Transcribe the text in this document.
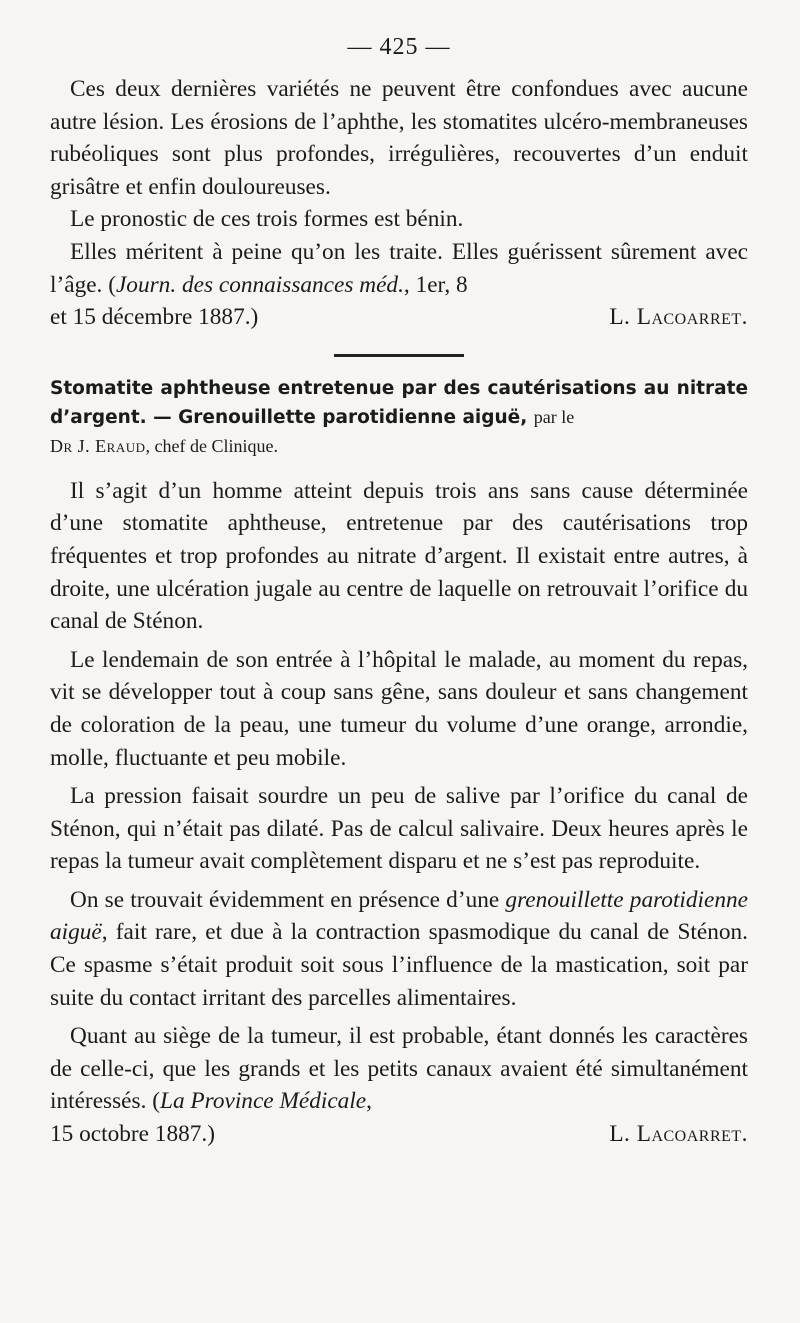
— 425 —

Ces deux dernières variétés ne peuvent être confondues avec aucune autre lésion. Les érosions de l’aphthe, les stomatites ulcéro-membraneuses rubéoliques sont plus profondes, irrégulières, recouvertes d’un enduit grisâtre et enfin douloureuses.

Le pronostic de ces trois formes est bénin.

Elles méritent à peine qu’on les traite. Elles guérissent sûrement avec l’âge. (Journ. des connaissances méd., 1er, 8

et 15 décembre 1887.)	L. Lacoarret.
Stomatite aphtheuse entretenue par des cautérisations au nitrate d’argent. — Grenouillette parotidienne aiguë, par le
Dr J. Eraud, chef de Clinique.

Il s’agit d’un homme atteint depuis trois ans sans cause déterminée d’une stomatite aphtheuse, entretenue par des cautérisations trop fréquentes et trop profondes au nitrate d’argent. Il existait entre autres, à droite, une ulcération jugale au centre de laquelle on retrouvait l’orifice du canal de Sténon.

Le lendemain de son entrée à l’hôpital le malade, au moment du repas, vit se développer tout à coup sans gêne, sans douleur et sans changement de coloration de la peau, une tumeur du volume d’une orange, arrondie, molle, fluctuante et peu mobile.

La pression faisait sourdre un peu de salive par l’orifice du canal de Sténon, qui n’était pas dilaté. Pas de calcul salivaire. Deux heures après le repas la tumeur avait complètement disparu et ne s’est pas reproduite.

On se trouvait évidemment en présence d’une grenouillette parotidienne aiguë, fait rare, et due à la contraction spasmodique du canal de Sténon. Ce spasme s’était produit soit sous l’influence de la mastication, soit par suite du contact irritant des parcelles alimentaires.

Quant au siège de la tumeur, il est probable, étant donnés les caractères de celle-ci, que les grands et les petits canaux avaient été simultanément intéressés. (La Province Médicale,

15 octobre 1887.)	L. Lacoarret.
